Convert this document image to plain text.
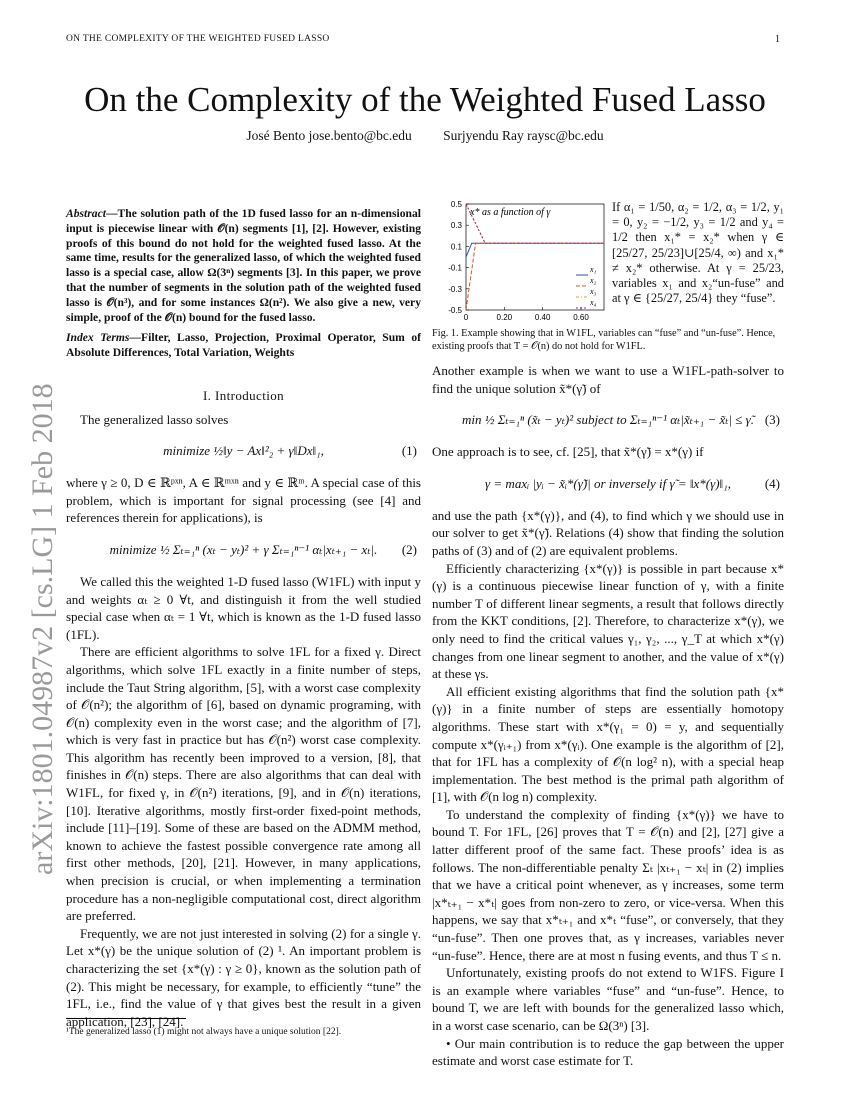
ON THE COMPLEXITY OF THE WEIGHTED FUSED LASSO	1
arXiv:1801.04987v2 [cs.LG] 1 Feb 2018
On the Complexity of the Weighted Fused Lasso
José Bento jose.bento@bc.edu Surjyendu Ray raysc@bc.edu
Abstract—The solution path of the 1D fused lasso for an n-dimensional input is piecewise linear with 𝒪(n) segments [1], [2]. However, existing proofs of this bound do not hold for the weighted fused lasso. At the same time, results for the generalized lasso, of which the weighted fused lasso is a special case, allow Ω(3ⁿ) segments [3]. In this paper, we prove that the number of segments in the solution path of the weighted fused lasso is 𝒪(n³), and for some instances Ω(n²). We also give a new, very simple, proof of the 𝒪(n) bound for the fused lasso.
Index Terms—Filter, Lasso, Projection, Proximal Operator, Sum of Absolute Differences, Total Variation, Weights
I. Introduction

The generalized lasso solves

minimize ½‖y − Ax‖²₂ + γ‖Dx‖₁,	(1)

where γ ≥ 0, D ∈ ℝᵖˣⁿ, A ∈ ℝᵐˣⁿ and y ∈ ℝᵐ. A special case of this problem, which is important for signal processing (see [4] and references therein for applications), is

minimize ½ Σₜ₌₁ⁿ (xₜ − yₜ)² + γ Σₜ₌₁ⁿ⁻¹ αₜ|xₜ₊₁ − xₜ|. (2)

We called this the weighted 1-D fused lasso (W1FL) with input y and weights αₜ ≥ 0 ∀t, and distinguish it from the well studied special case when αₜ = 1 ∀t, which is known as the 1-D fused lasso (1FL).

There are efficient algorithms to solve 1FL for a fixed γ. Direct algorithms, which solve 1FL exactly in a finite number of steps, include the Taut String algorithm, [5], with a worst case complexity of 𝒪(n²); the algorithm of [6], based on dynamic programing, with 𝒪(n) complexity even in the worst case; and the algorithm of [7], which is very fast in practice but has 𝒪(n²) worst case complexity. This algorithm has recently been improved to a version, [8], that finishes in 𝒪(n) steps. There are also algorithms that can deal with W1FL, for fixed γ, in 𝒪(n²) iterations, [9], and in 𝒪(n) iterations, [10]. Iterative algorithms, mostly first-order fixed-point methods, include [11]–[19]. Some of these are based on the ADMM method, known to achieve the fastest possible convergence rate among all first other methods, [20], [21]. However, in many applications, when precision is crucial, or when implementing a termination procedure has a non-negligible computational cost, direct algorithm are preferred.

Frequently, we are not just interested in solving (2) for a single γ. Let x*(γ) be the unique solution of (2) ¹. An important problem is characterizing the set {x*(γ) : γ ≥ 0}, known as the solution path of (2). This might be necessary, for example, to efficiently “tune” the 1FL, i.e., find the value of γ that gives best the result in a given application, [23], [24].

¹The generalized lasso (1) might not always have a unique solution [22].
0.5
0.3
0.1
-0.1
-0.3
-0.5
0	0.20	0.40	0.60
x* as a function of γ
x₁
x₂
x₃
x₄
If α₁ = 1/50, α₂ = 1/2, α₃ = 1/2, y₁ = 0, y₂ = −1/2, y₃ = 1/2 and y₄ = 1/2 then x₁* = x₂* when γ ∈ [25/27, 25/23]∪[25/4, ∞) and x₁* ≠ x₂* otherwise. At γ = 25/23, variables x₁ and x₂“un-fuse” and at γ ∈ {25/27, 25/4} they “fuse”.
Fig. 1. Example showing that in W1FL, variables can “fuse” and “un-fuse”. Hence, existing proofs that T = 𝒪(n) do not hold for W1FL.

Another example is when we want to use a W1FL-path-solver to find the unique solution x̃*(γ̃) of

min ½ Σₜ₌₁ⁿ (x̃ₜ − yₜ)² subject to Σₜ₌₁ⁿ⁻¹ αₜ|x̃ₜ₊₁ − x̃ₜ| ≤ γ̃. (3)

One approach is to see, cf. [25], that x̃*(γ̃) = x*(γ) if

γ = maxᵢ |yᵢ − x̃ᵢ*(γ̃)| or inversely if γ̃ = ‖x*(γ)‖₁,	(4)

and use the path {x*(γ)}, and (4), to find which γ we should use in our solver to get x̃*(γ̃). Relations (4) show that finding the solution paths of (3) and of (2) are equivalent problems.

Efficiently characterizing {x*(γ)} is possible in part because x*(γ) is a continuous piecewise linear function of γ, with a finite number T of different linear segments, a result that follows directly from the KKT conditions, [2]. Therefore, to characterize x*(γ), we only need to find the critical values γ₁, γ₂, ..., γ_T at which x*(γ) changes from one linear segment to another, and the value of x*(γ) at these γs.

All efficient existing algorithms that find the solution path {x*(γ)} in a finite number of steps are essentially homotopy algorithms. These start with x*(γ₁ = 0) = y, and sequentially compute x*(γᵢ₊₁) from x*(γᵢ). One example is the algorithm of [2], that for 1FL has a complexity of 𝒪(n log² n), with a special heap implementation. The best method is the primal path algorithm of [1], with 𝒪(n log n) complexity.

To understand the complexity of finding {x*(γ)} we have to bound T. For 1FL, [26] proves that T = 𝒪(n) and [2], [27] give a latter different proof of the same fact. These proofs’ idea is as follows. The non-differentiable penalty Σₜ |xₜ₊₁ − xₜ| in (2) implies that we have a critical point whenever, as γ increases, some term |x*ₜ₊₁ − x*ₜ| goes from non-zero to zero, or vice-versa. When this happens, we say that x*ₜ₊₁ and x*ₜ “fuse”, or conversely, that they “un-fuse”. Then one proves that, as γ increases, variables never “un-fuse”. Hence, there are at most n fusing events, and thus T ≤ n.

Unfortunately, existing proofs do not extend to W1FS. Figure I is an example where variables “fuse” and “un-fuse”. Hence, to bound T, we are left with bounds for the generalized lasso which, in a worst case scenario, can be Ω(3ⁿ) [3].

• Our main contribution is to reduce the gap between the upper estimate and worst case estimate for T.
